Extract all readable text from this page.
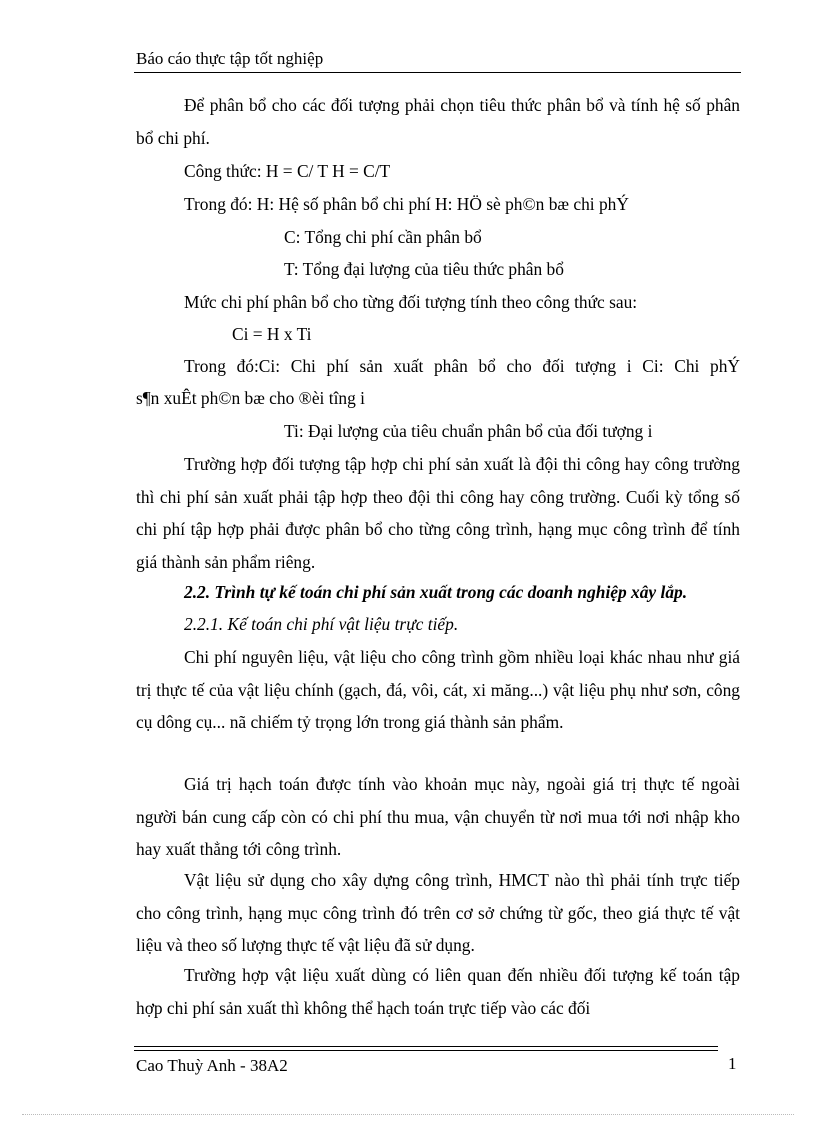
Báo cáo thực tập tốt nghiệp

Để phân bổ cho các đối tượng phải chọn tiêu thức phân bổ và tính hệ số phân bổ chi phí.

Công thức: H = C/ T H = C/T
Trong đó: H: Hệ số phân bổ chi phí H: HÖ sè ph©n bæ chi phÝ
C: Tổng chi phí cần phân bổ
T: Tổng đại lượng của tiêu thức phân bổ
Mức chi phí phân bổ cho từng đối tượng tính theo công thức sau:
Ci = H x Ti
Trong đó:Ci: Chi phí sản xuất phân bổ cho đối tượng i Ci: Chi phÝ
s¶n xuÊt ph©n bæ cho ®èi tîng i
Ti: Đại lượng của tiêu chuẩn phân bổ của đối tượng i

Trường hợp đối tượng tập hợp chi phí sản xuất là đội thi công hay công trường thì chi phí sản xuất phải tập hợp theo đội thi công hay công trường. Cuối kỳ tổng số chi phí tập hợp phải được phân bổ cho từng công trình, hạng mục công trình để tính giá thành sản phẩm riêng.

2.2. Trình tự kế toán chi phí sản xuất trong các doanh nghiệp xây lắp.
2.2.1. Kế toán chi phí vật liệu trực tiếp.

Chi phí nguyên liệu, vật liệu cho công trình gồm nhiều loại khác nhau như giá trị thực tế của vật liệu chính (gạch, đá, vôi, cát, xi măng...) vật liệu phụ như sơn, công cụ dông cụ... nã chiếm tỷ trọng lớn trong giá thành sản phẩm.

Giá trị hạch toán được tính vào khoản mục này, ngoài giá trị thực tế ngoài người bán cung cấp còn có chi phí thu mua, vận chuyển từ nơi mua tới nơi nhập kho hay xuất thẳng tới công trình.

Vật liệu sử dụng cho xây dựng công trình, HMCT nào thì phải tính trực tiếp cho công trình, hạng mục công trình đó trên cơ sở chứng từ gốc, theo giá thực tế vật liệu và theo số lượng thực tế vật liệu đã sử dụng.

Trường hợp vật liệu xuất dùng có liên quan đến nhiều đối tượng kế toán tập hợp chi phí sản xuất thì không thể hạch toán trực tiếp vào các đối

Cao Thuỳ Anh - 38A2	1
